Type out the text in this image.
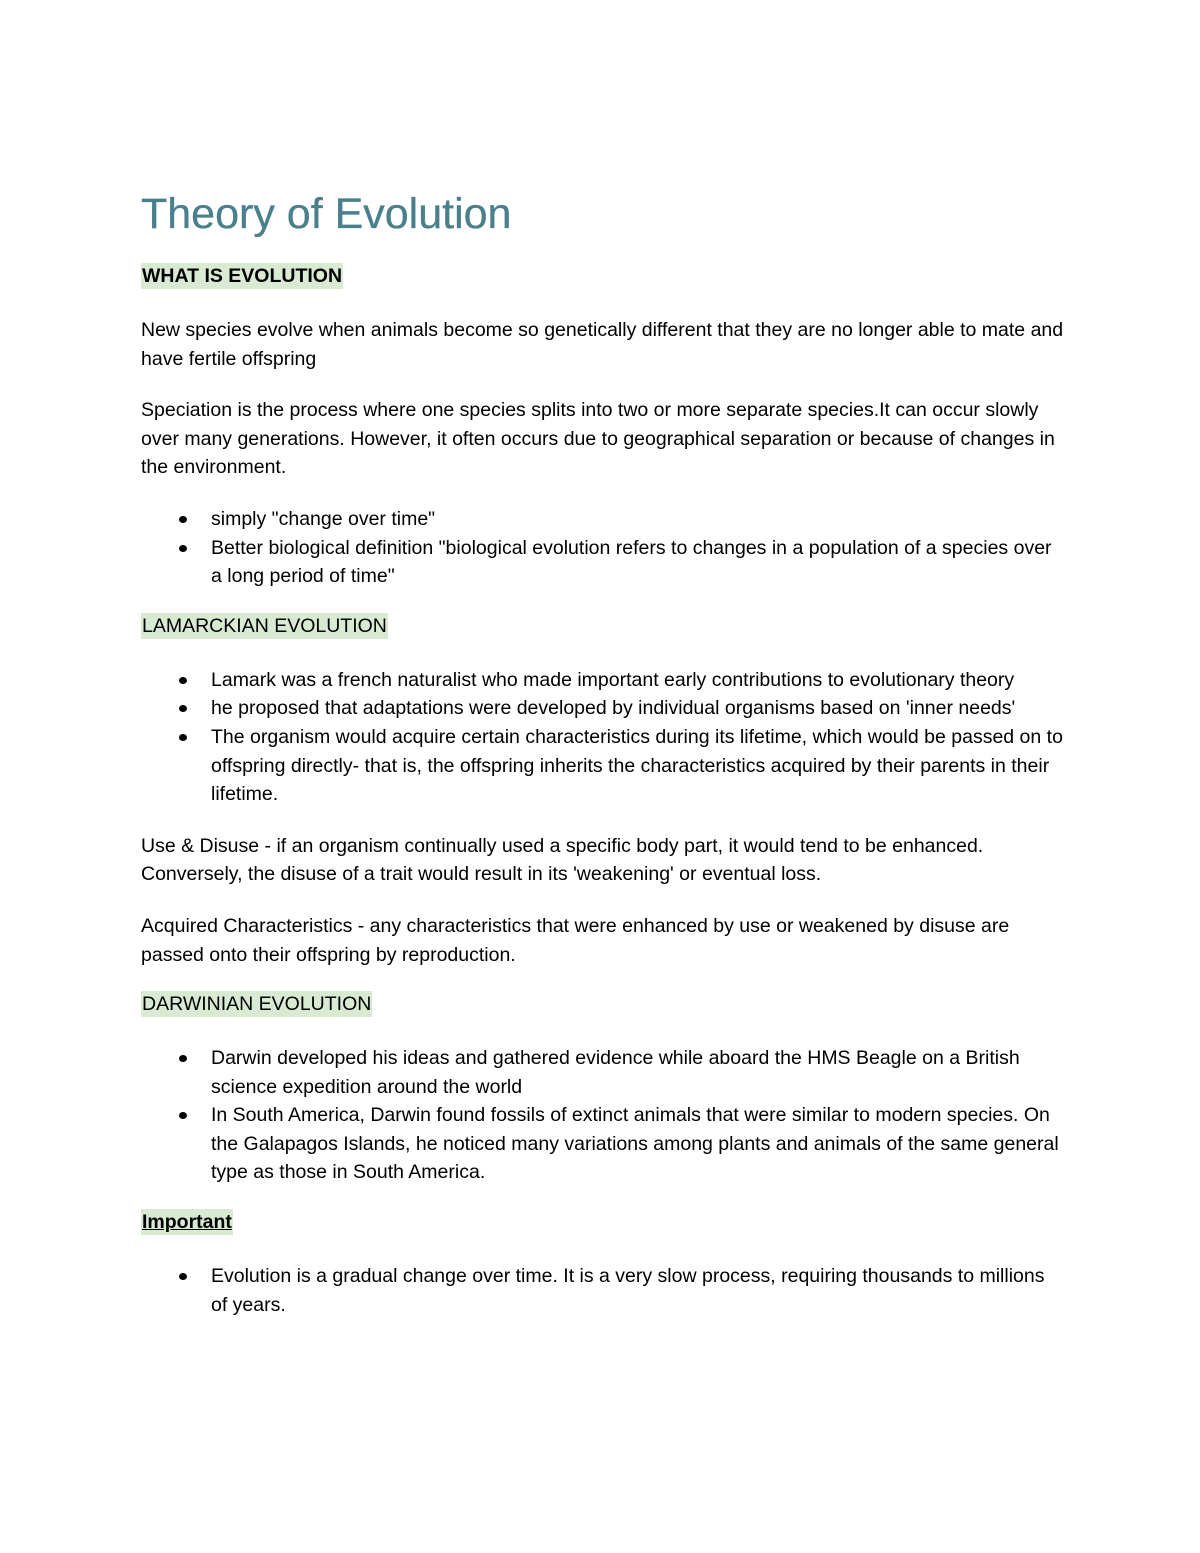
Theory of Evolution
WHAT IS EVOLUTION

New species evolve when animals become so genetically different that they are no longer able to mate and have fertile offspring

Speciation is the process where one species splits into two or more separate species.It can occur slowly over many generations. However, it often occurs due to geographical separation or because of changes in the environment.

simply "change over time"
Better biological definition "biological evolution refers to changes in a population of a species over a long period of time"
LAMARCKIAN EVOLUTION
Lamark was a french naturalist who made important early contributions to evolutionary theory
he proposed that adaptations were developed by individual organisms based on 'inner needs'
The organism would acquire certain characteristics during its lifetime, which would be passed on to offspring directly- that is, the offspring inherits the characteristics acquired by their parents in their lifetime.

Use & Disuse - if an organism continually used a specific body part, it would tend to be enhanced. Conversely, the disuse of a trait would result in its 'weakening' or eventual loss.

Acquired Characteristics - any characteristics that were enhanced by use or weakened by disuse are passed onto their offspring by reproduction.

DARWINIAN EVOLUTION
Darwin developed his ideas and gathered evidence while aboard the HMS Beagle on a British science expedition around the world
In South America, Darwin found fossils of extinct animals that were similar to modern species. On the Galapagos Islands, he noticed many variations among plants and animals of the same general type as those in South America.
Important
Evolution is a gradual change over time. It is a very slow process, requiring thousands to millions of years.
